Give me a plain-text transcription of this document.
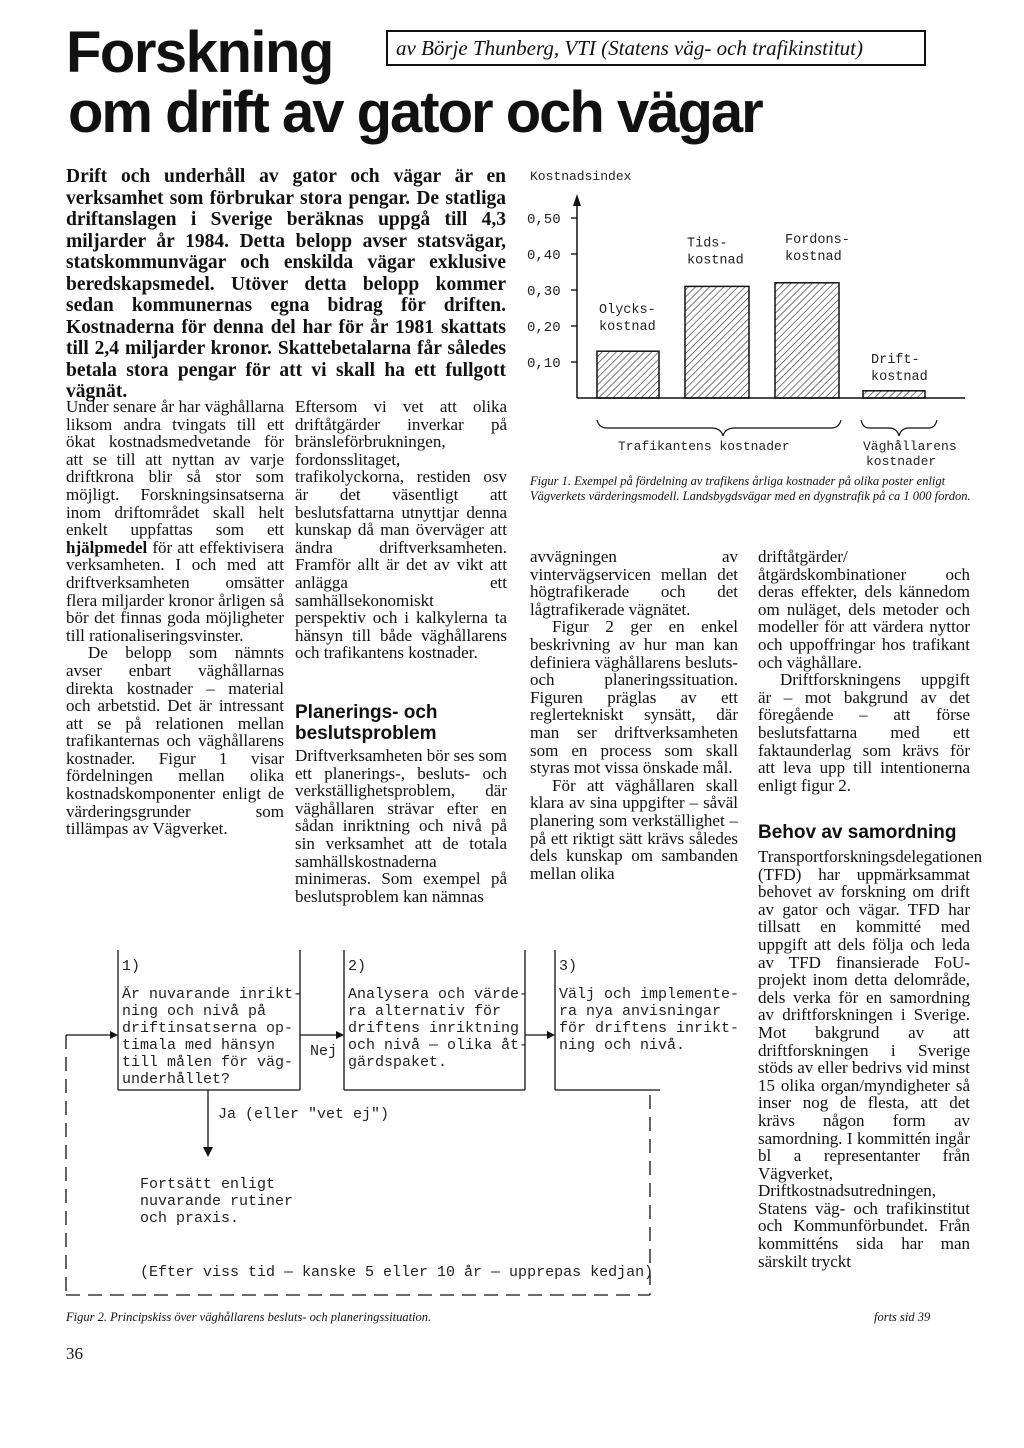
Forskning	av Börje Thunberg, VTI (Statens väg- och trafikinstitut)
om drift av gator och vägar
Drift och underhåll av gator och vägar är en verksamhet som förbrukar stora pengar. De statliga driftanslagen i Sverige beräknas uppgå till 4,3 miljarder år 1984. Detta belopp avser statsvägar, statskommunvägar och enskilda vägar exklusive beredskapsmedel. Utöver detta belopp kommer sedan kommunernas egna bidrag för driften. Kostnaderna för denna del har för år 1981 skattats till 2,4 miljarder kronor. Skattebetalarna får således betala stora pengar för att vi skall ha ett fullgott vägnät.

Under senare år har väghållarna liksom andra tvingats till ett ökat kostnadsmedvetande för att se till att nyttan av varje driftkrona blir så stor som möjligt. Forskningsinsatserna inom driftområdet skall helt enkelt uppfattas som ett hjälpmedel för att effektivisera verksamheten. I och med att driftverksamheten omsätter flera miljarder kronor årligen så bör det finnas goda möjligheter till rationaliseringsvinster.

De belopp som nämnts avser enbart väghållarnas direkta kostnader – material och arbetstid. Det är intressant att se på relationen mellan trafikanternas och väghållarens kostnader. Figur 1 visar fördelningen mellan olika kostnadskomponenter enligt de värderingsgrunder som tillämpas av Vägverket.

Eftersom vi vet att olika driftåtgärder inverkar på bränsleförbrukningen, fordonsslitaget, trafikolyckorna, restiden osv är det väsentligt att beslutsfattarna utnyttjar denna kunskap då man överväger att ändra driftverksamheten. Framför allt är det av vikt att anlägga ett samhällsekonomiskt perspektiv och i kalkylerna ta hänsyn till både väghållarens och trafikantens kostnader.

Planerings- och beslutsproblem

Driftverksamheten bör ses som ett planerings-, besluts- och verkställighetsproblem, där väghållaren strävar efter en sådan inriktning och nivå på sin verksamhet att de totala samhällskostnaderna minimeras. Som exempel på beslutsproblem kan nämnas

avvägningen av vintervägservicen mellan det högtrafikerade och det lågtrafikerade vägnätet.

Figur 2 ger en enkel beskrivning av hur man kan definiera väghållarens besluts- och planeringssituation. Figuren präglas av ett reglertekniskt synsätt, där man ser driftverksamheten som en process som skall styras mot vissa önskade mål.

För att väghållaren skall klara av sina uppgifter – såväl planering som verkställighet – på ett riktigt sätt krävs således dels kunskap om sambanden mellan olika

driftåtgärder/åtgärdskombinationer och deras effekter, dels kännedom om nuläget, dels metoder och modeller för att värdera nyttor och uppoffringar hos trafikant och väghållare.

Driftforskningens uppgift är – mot bakgrund av det föregående – att förse beslutsfattarna med ett faktaunderlag som krävs för att leva upp till intentionerna enligt figur 2.

Behov av samordning

Transportforskningsdelegationen (TFD) har uppmärksammat behovet av forskning om drift av gator och vägar. TFD har tillsatt en kommitté med uppgift att dels följa och leda av TFD finansierade FoU-projekt inom detta delområde, dels verka för en samordning av driftforskningen i Sverige. Mot bakgrund av att driftforskningen i Sverige stöds av eller bedrivs vid minst 15 olika organ/myndigheter så inser nog de flesta, att det krävs någon form av samordning. I kommittén ingår bl a representanter från Vägverket, Driftkostnadsutredningen, Statens väg- och trafikinstitut och Kommunförbundet. Från kommitténs sida har man särskilt tryckt

Kostnadsindex
0,50
0,40
0,30
0,20
0,10
Olycks-
kostnad
Tids-
kostnad
Fordons-
kostnad
Drift-
kostnad
Trafikantens kostnader	Väghållarens
kostnader
Figur 1. Exempel på fördelning av trafikens årliga kostnader på olika poster enligt Vägverkets värderingsmodell. Landsbygdsvägar med en dygnstrafik på ca 1 000 fordon.
1)
Är nuvarande inrikt-
ning och nivå på
driftinsatserna op-
timala med hänsyn
till målen för väg-
underhållet?
Nej
2)
Analysera och värde-
ra alternativ för
driftens inriktning
och nivå — olika åt-
gärdspaket.
3)
Välj och implemente-
ra nya anvisningar
för driftens inrikt-
ning och nivå.
Ja (eller "vet ej")
Fortsätt enligt
nuvarande rutiner
och praxis.
(Efter viss tid — kanske 5 eller 10 år — upprepas kedjan)
Figur 2. Principskiss över väghållarens besluts- och planeringssituation.	forts sid 39
36
